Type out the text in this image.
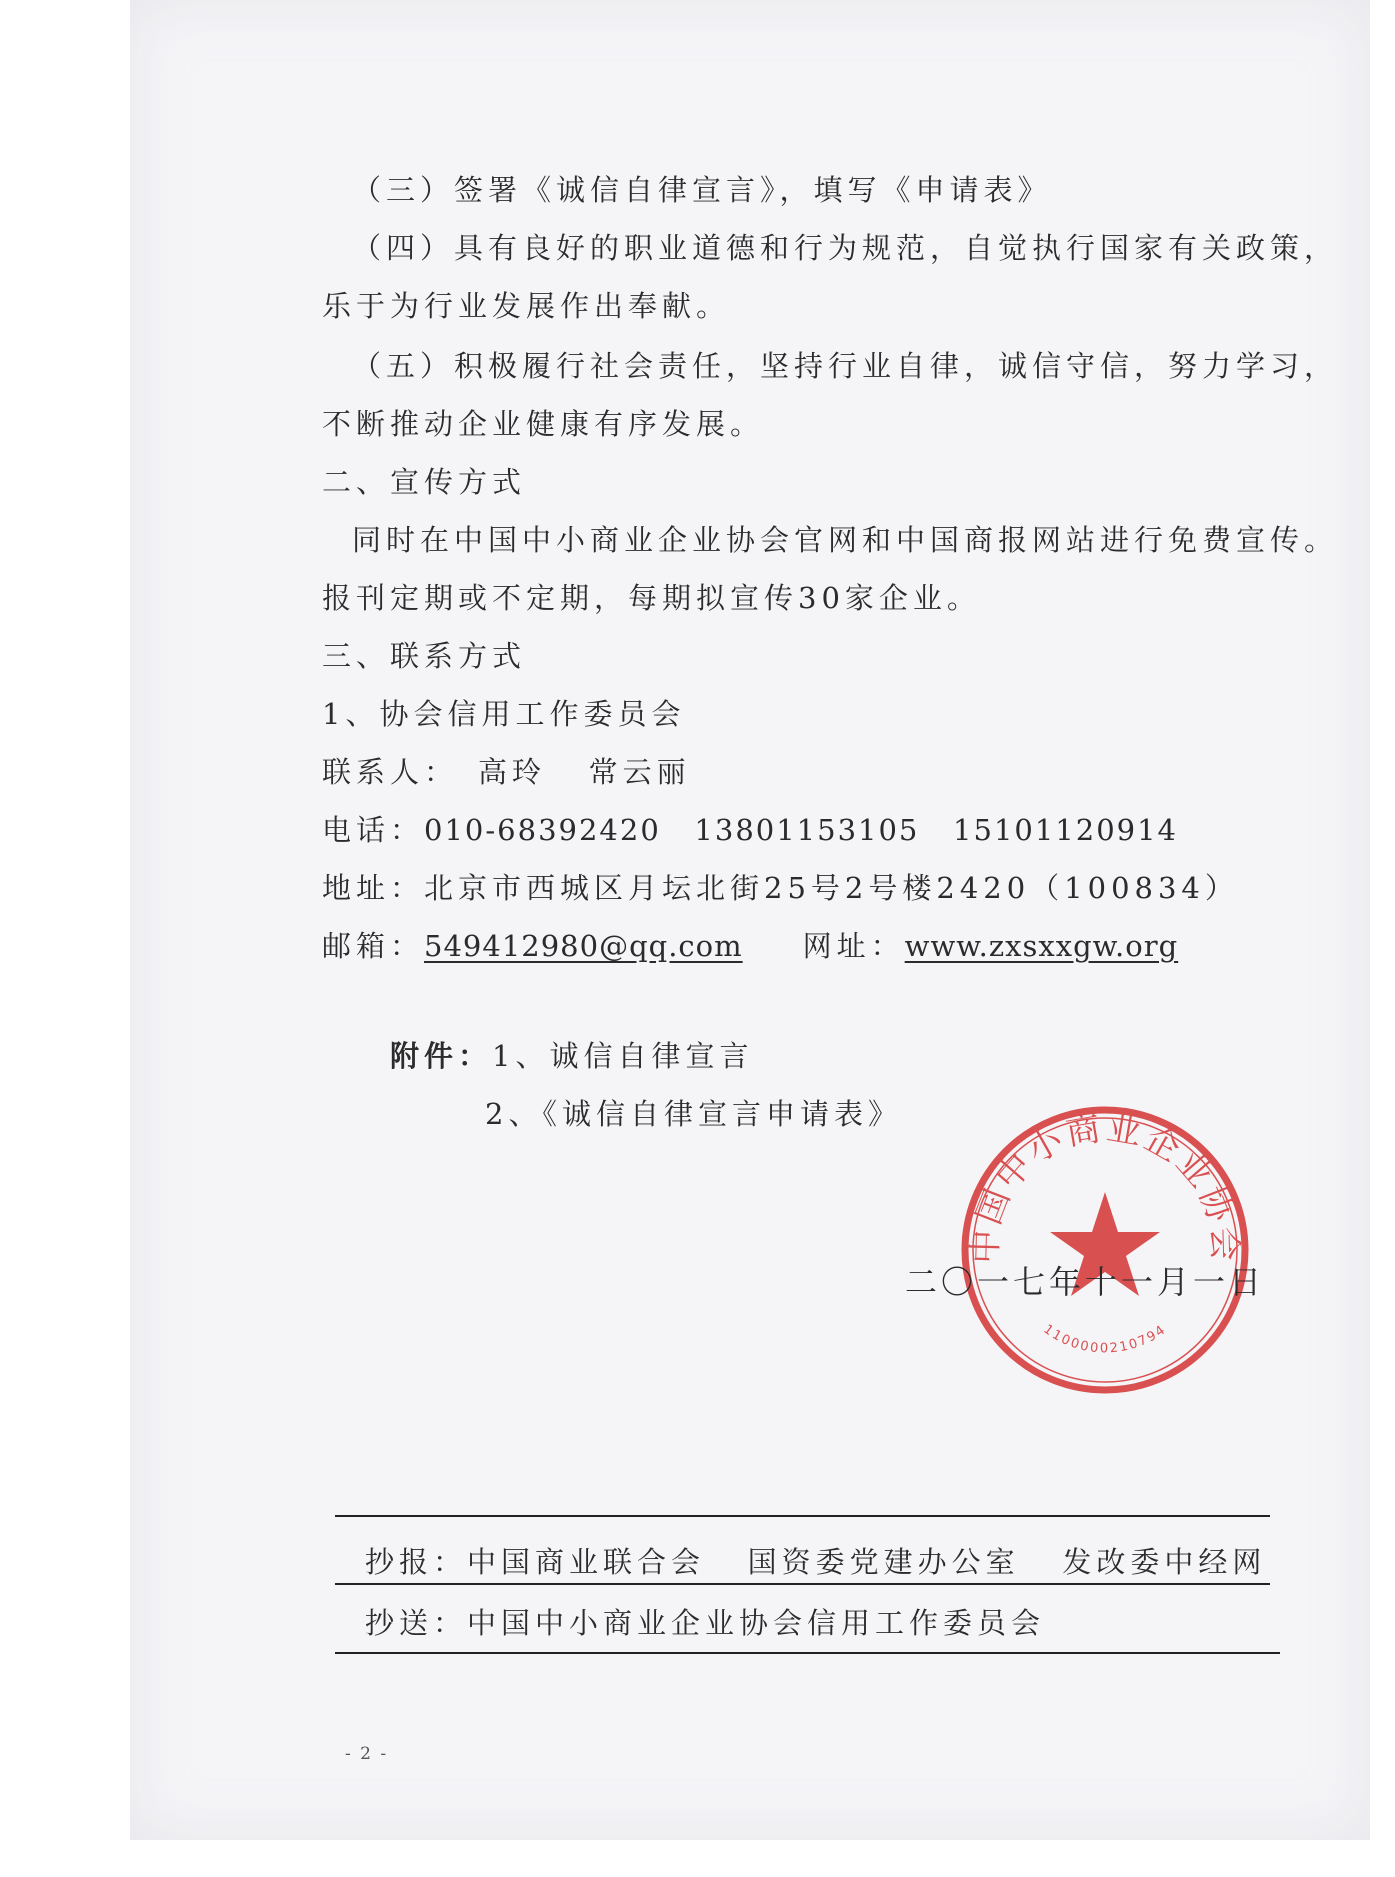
（三）签署《诚信自律宣言》，填写《申请表》
（四）具有良好的职业道德和行为规范，自觉执行国家有关政策，
乐于为行业发展作出奉献。
（五）积极履行社会责任，坚持行业自律，诚信守信，努力学习，
不断推动企业健康有序发展。
二、宣传方式
同时在中国中小商业企业协会官网和中国商报网站进行免费宣传。
报刊定期或不定期，每期拟宣传30家企业。
三、联系方式
1、协会信用工作委员会
联系人： 高玲   常云丽
电话：010-68392420   13801153105   15101120914
地址：北京市西城区月坛北街25号2号楼2420（100834）
邮箱：549412980@qq.com 网址：www.zxsxxgw.org
附件：1、诚信自律宣言
2、《诚信自律宣言申请表》
中国中小商业企业协会
1100000210794
二〇一七年十一月一日
抄报：中国商业联合会   国资委党建办公室   发改委中经网
抄送：中国中小商业企业协会信用工作委员会
- 2 -
